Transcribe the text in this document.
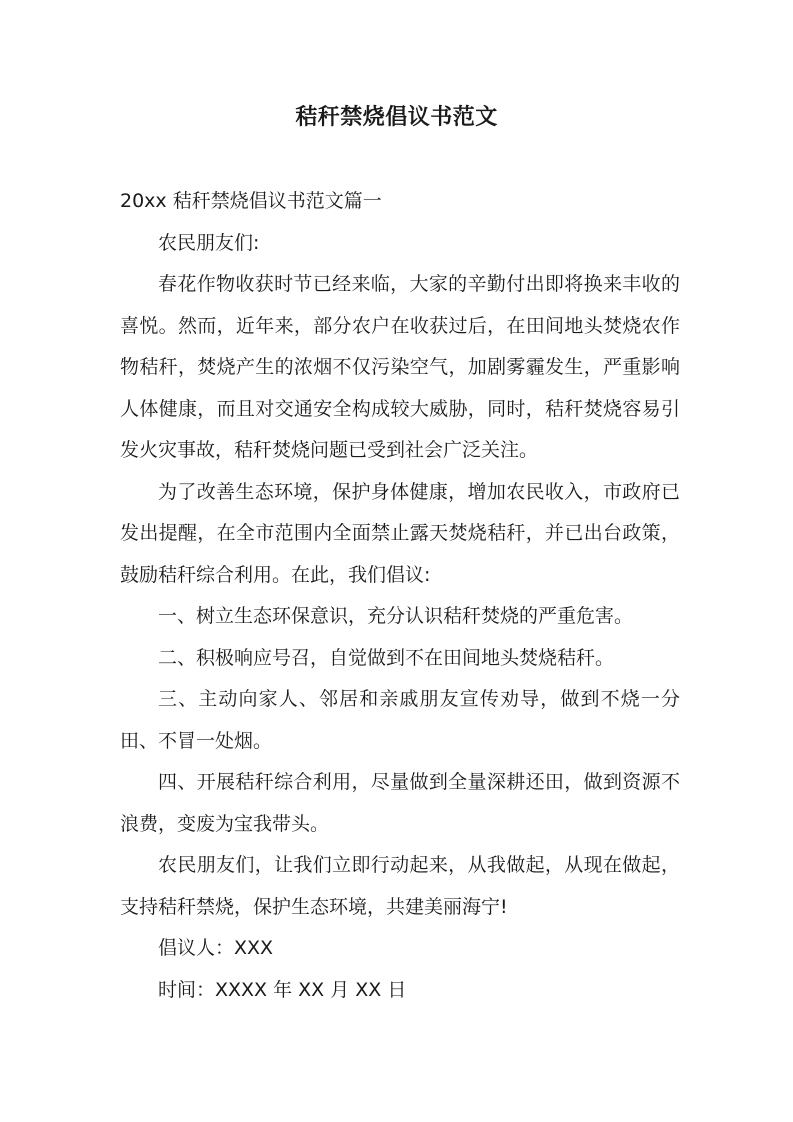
秸秆禁烧倡议书范文

20xx 秸秆禁烧倡议书范文篇一

农民朋友们:

春花作物收获时节已经来临，大家的辛勤付出即将换来丰收的喜悦。然而，近年来，部分农户在收获过后，在田间地头焚烧农作物秸秆，焚烧产生的浓烟不仅污染空气，加剧雾霾发生，严重影响人体健康，而且对交通安全构成较大威胁，同时，秸秆焚烧容易引发火灾事故，秸秆焚烧问题已受到社会广泛关注。

为了改善生态环境，保护身体健康，增加农民收入，市政府已发出提醒，在全市范围内全面禁止露天焚烧秸秆，并已出台政策，鼓励秸秆综合利用。在此，我们倡议:

一、树立生态环保意识，充分认识秸秆焚烧的严重危害。

二、积极响应号召，自觉做到不在田间地头焚烧秸秆。

三、主动向家人、邻居和亲戚朋友宣传劝导，做到不烧一分田、不冒一处烟。

四、开展秸秆综合利用，尽量做到全量深耕还田，做到资源不浪费，变废为宝我带头。

农民朋友们，让我们立即行动起来，从我做起，从现在做起，支持秸秆禁烧，保护生态环境，共建美丽海宁!

倡议人：XXX

时间：XXXX 年 XX 月 XX 日
